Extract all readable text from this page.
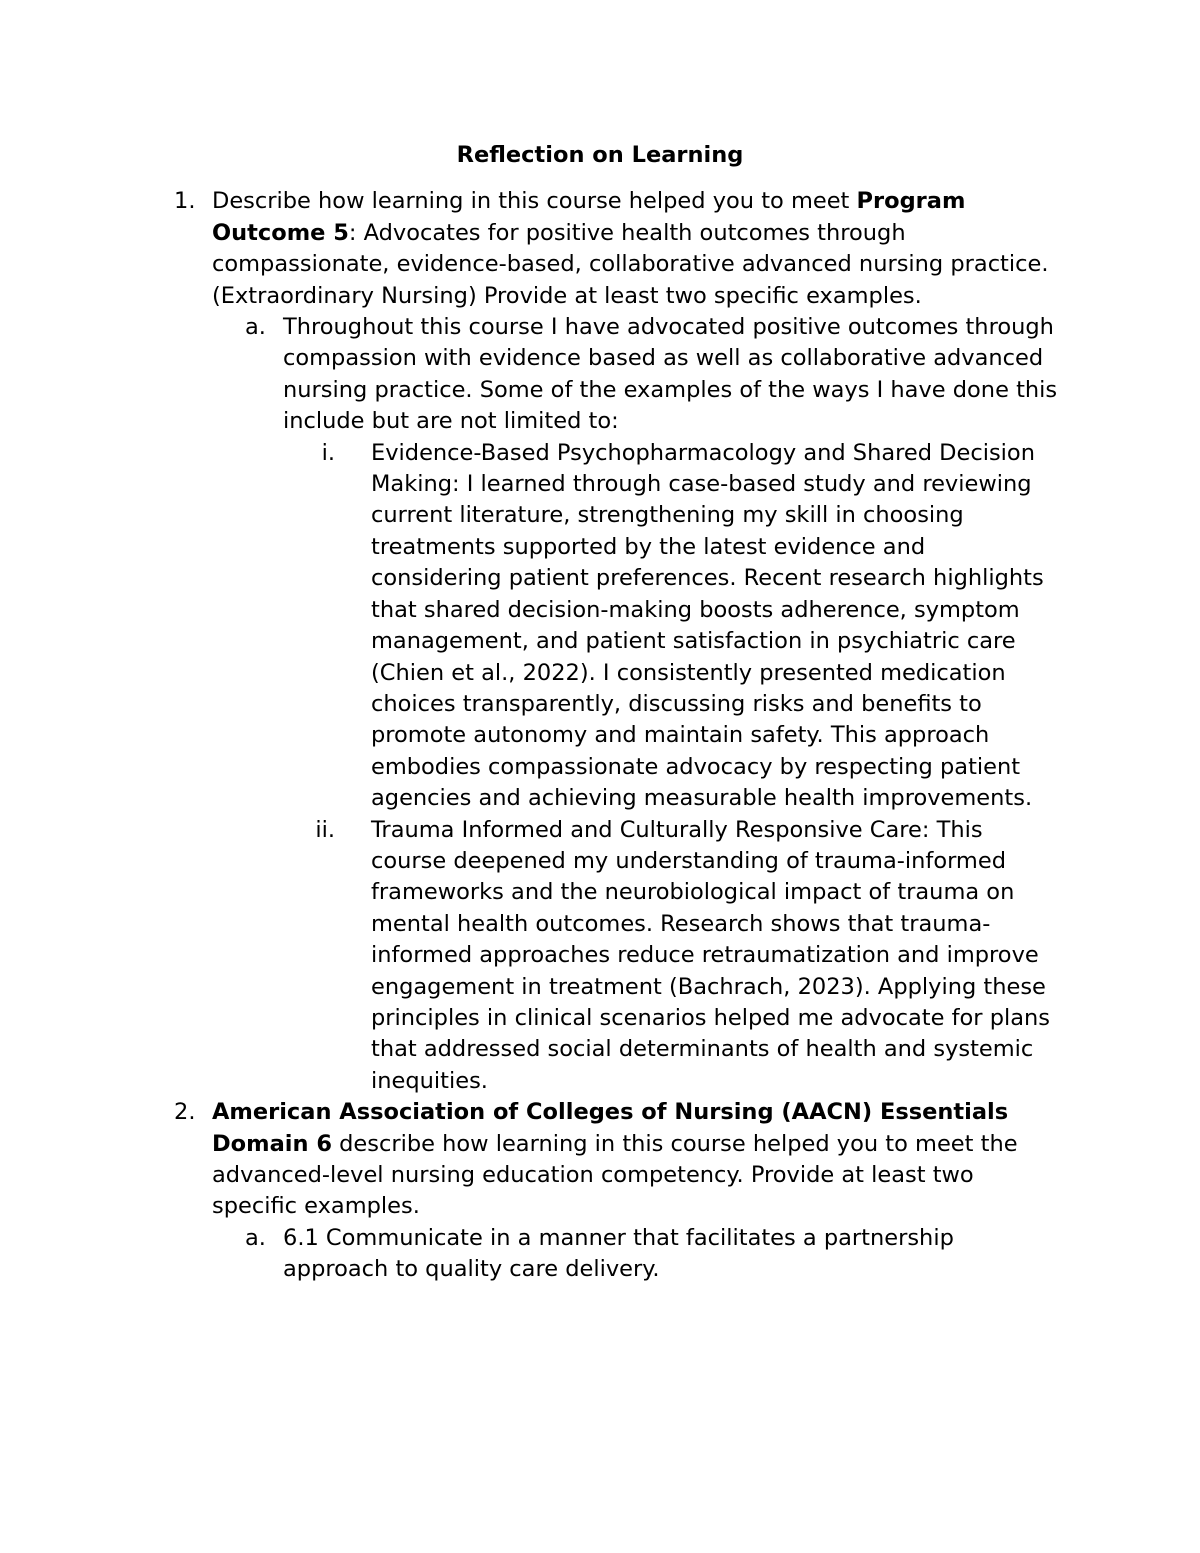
Reflection on Learning
1. Describe how learning in this course helped you to meet Program Outcome 5: Advocates for positive health outcomes through compassionate, evidence-based, collaborative advanced nursing practice. (Extraordinary Nursing) Provide at least two specific examples.
a. Throughout this course I have advocated positive outcomes through compassion with evidence based as well as collaborative advanced nursing practice. Some of the examples of the ways I have done this include but are not limited to:
i. Evidence-Based Psychopharmacology and Shared Decision Making: I learned through case-based study and reviewing current literature, strengthening my skill in choosing treatments supported by the latest evidence and considering patient preferences. Recent research highlights that shared decision-making boosts adherence, symptom management, and patient satisfaction in psychiatric care (Chien et al., 2022). I consistently presented medication choices transparently, discussing risks and benefits to promote autonomy and maintain safety. This approach embodies compassionate advocacy by respecting patient agencies and achieving measurable health improvements.
ii. Trauma Informed and Culturally Responsive Care: This course deepened my understanding of trauma-informed frameworks and the neurobiological impact of trauma on mental health outcomes. Research shows that trauma-informed approaches reduce retraumatization and improve engagement in treatment (Bachrach, 2023). Applying these principles in clinical scenarios helped me advocate for plans that addressed social determinants of health and systemic inequities.
2. American Association of Colleges of Nursing (AACN) Essentials Domain 6 describe how learning in this course helped you to meet the advanced-level nursing education competency. Provide at least two specific examples.
a. 6.1 Communicate in a manner that facilitates a partnership approach to quality care delivery.
